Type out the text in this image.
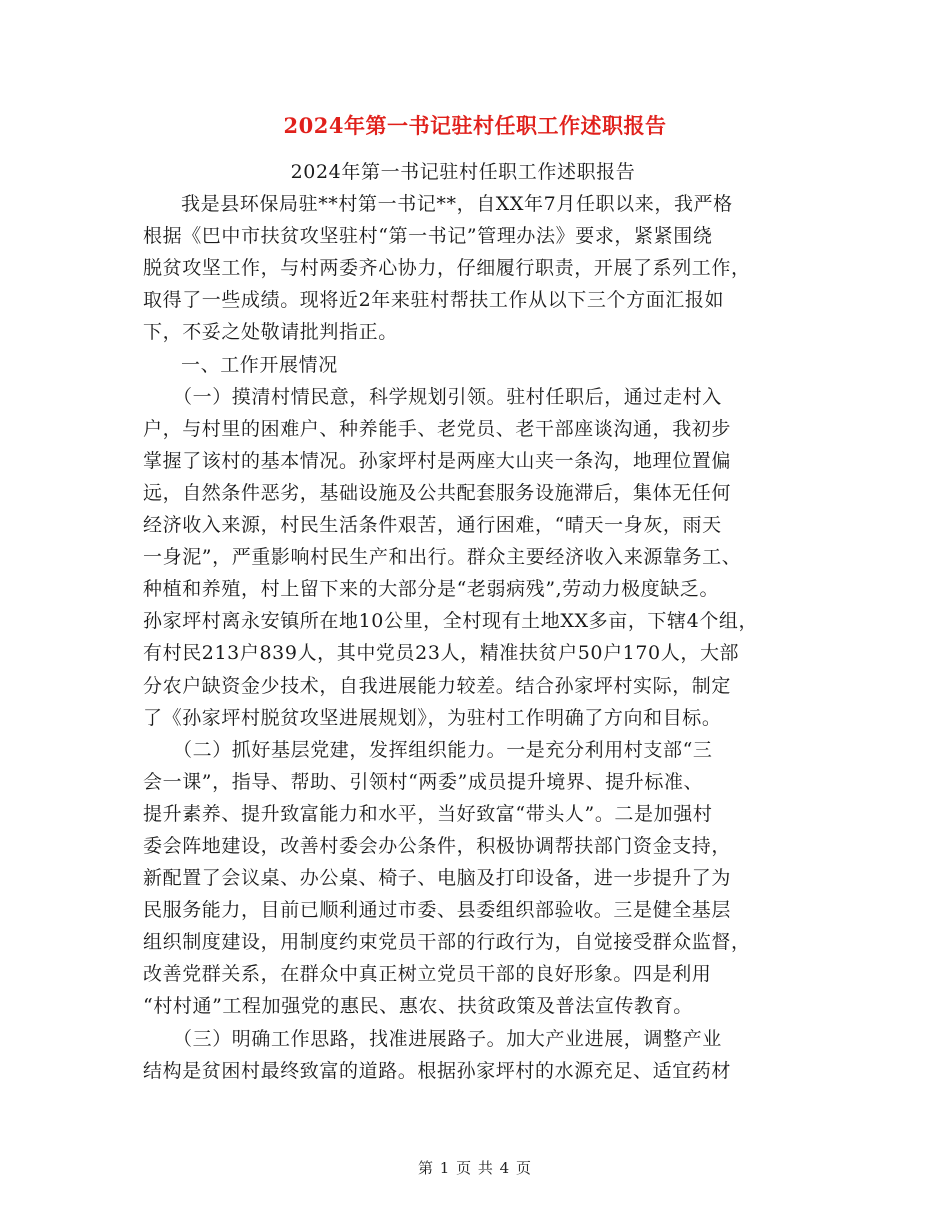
2024年第一书记驻村任职工作述职报告
2024年第一书记驻村任职工作述职报告
我是县环保局驻**村第一书记**，自XX年7月任职以来，我严格
根据《巴中市扶贫攻坚驻村“第一书记”管理办法》要求，紧紧围绕
脱贫攻坚工作，与村两委齐心协力，仔细履行职责，开展了系列工作，
取得了一些成绩。现将近2年来驻村帮扶工作从以下三个方面汇报如
下，不妥之处敬请批判指正。
一、工作开展情况
（一）摸清村情民意，科学规划引领。驻村任职后，通过走村入
户，与村里的困难户、种养能手、老党员、老干部座谈沟通，我初步
掌握了该村的基本情况。孙家坪村是两座大山夹一条沟，地理位置偏
远，自然条件恶劣，基础设施及公共配套服务设施滞后，集体无任何
经济收入来源，村民生活条件艰苦，通行困难，“晴天一身灰，雨天
一身泥”，严重影响村民生产和出行。群众主要经济收入来源靠务工、
种植和养殖，村上留下来的大部分是“老弱病残”,劳动力极度缺乏。
孙家坪村离永安镇所在地10公里，全村现有土地XX多亩，下辖4个组，
有村民213户839人，其中党员23人，精准扶贫户50户170人，大部
分农户缺资金少技术，自我进展能力较差。结合孙家坪村实际，制定
了《孙家坪村脱贫攻坚进展规划》，为驻村工作明确了方向和目标。
（二）抓好基层党建，发挥组织能力。一是充分利用村支部“三
会一课”，指导、帮助、引领村“两委”成员提升境界、提升标准、
提升素养、提升致富能力和水平，当好致富“带头人”。二是加强村
委会阵地建设，改善村委会办公条件，积极协调帮扶部门资金支持，
新配置了会议桌、办公桌、椅子、电脑及打印设备，进一步提升了为
民服务能力，目前已顺利通过市委、县委组织部验收。三是健全基层
组织制度建设，用制度约束党员干部的行政行为，自觉接受群众监督，
改善党群关系，在群众中真正树立党员干部的良好形象。四是利用
“村村通”工程加强党的惠民、惠农、扶贫政策及普法宣传教育。
（三）明确工作思路，找准进展路子。加大产业进展，调整产业
结构是贫困村最终致富的道路。根据孙家坪村的水源充足、适宜药材
第 1 页 共 4 页
